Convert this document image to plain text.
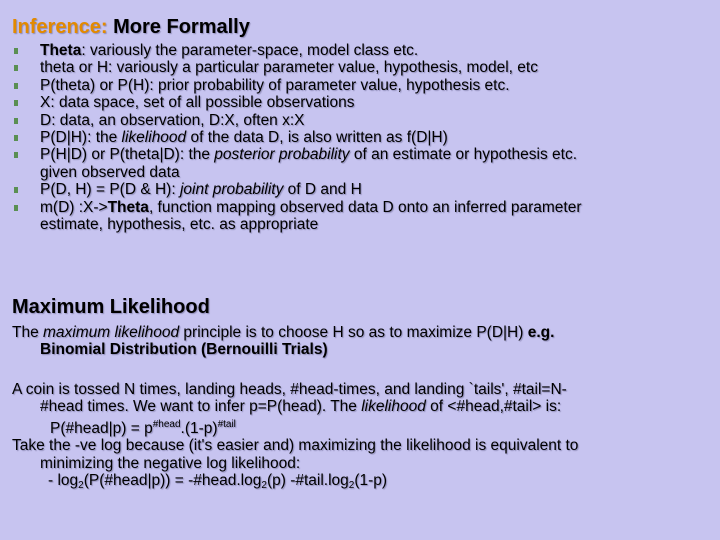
Inference: More Formally
Theta: variously the parameter-space, model class etc.
theta or H: variously a particular parameter value, hypothesis, model, etc
P(theta) or P(H): prior probability of parameter value, hypothesis etc.
X: data space, set of all possible observations
D: data, an observation, D:X, often x:X
P(D|H): the likelihood of the data D, is also written as f(D|H)
P(H|D) or P(theta|D): the posterior probability of an estimate or hypothesis etc.
given observed data
P(D, H) = P(D & H): joint probability of D and H
m(D) :X->Theta, function mapping observed data D onto an inferred parameter
estimate, hypothesis, etc. as appropriate
Maximum Likelihood
The maximum likelihood principle is to choose H so as to maximize P(D|H) e.g.
Binomial Distribution (Bernouilli Trials)
A coin is tossed N times, landing heads, #head-times, and landing `tails', #tail=N-
#head times. We want to infer p=P(head). The likelihood of <#head,#tail> is:
P(#head|p) = $p^{\#head}.(1-p)^{\#tail}$
Take the -ve log because (it's easier and) maximizing the likelihood is equivalent to
minimizing the negative log likelihood:
- $\log_2(P(\#head|p))$ = $-\#head.\log_2(p)$ $-\#tail.\log_2(1-p)$
